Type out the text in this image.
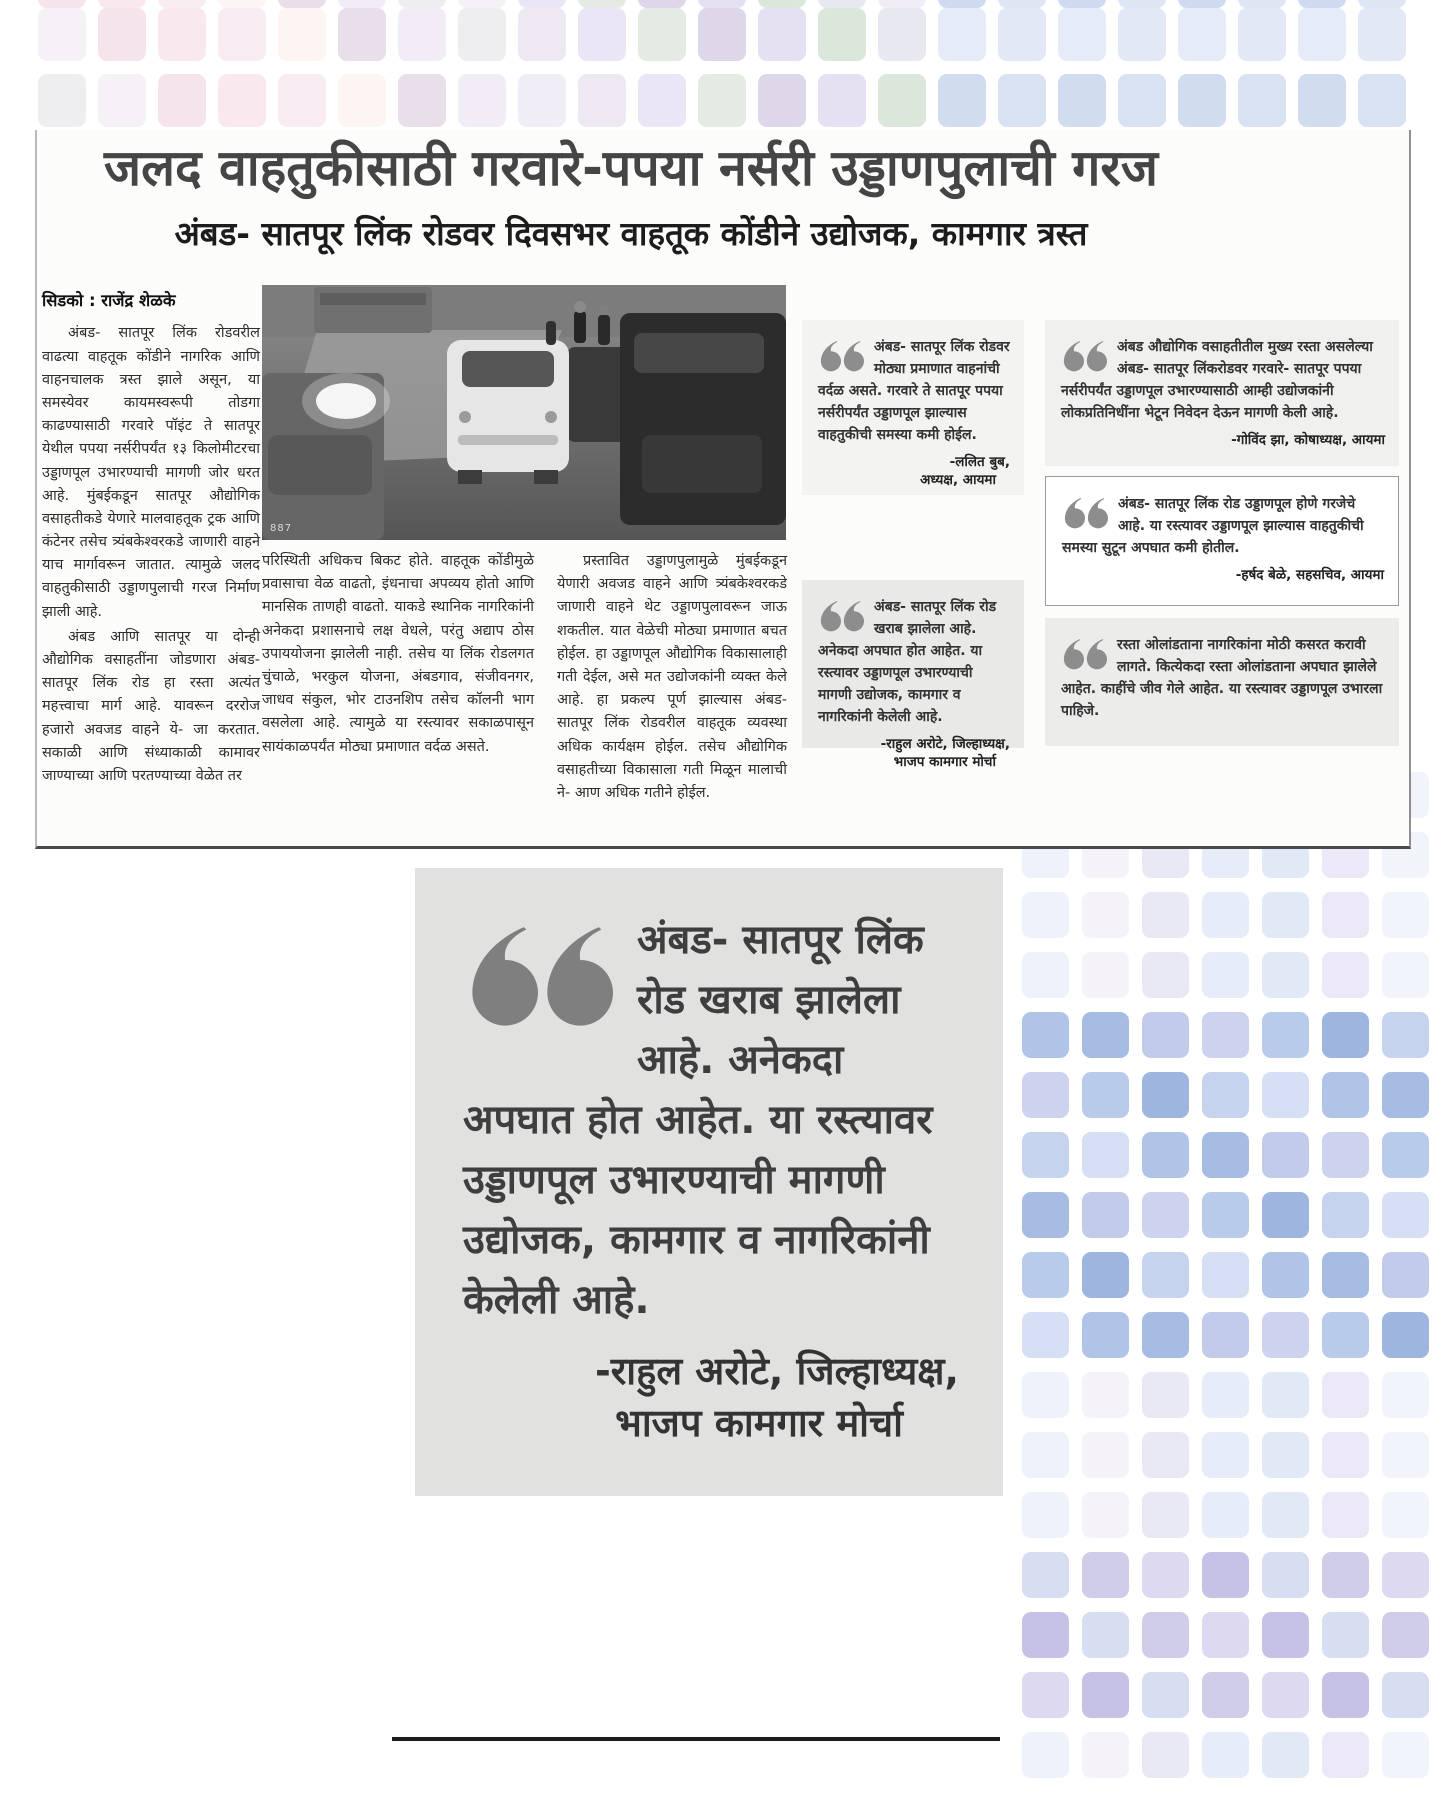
जलद वाहतुकीसाठी गरवारे-पपया नर्सरी उड्डाणपुलाची गरज
अंबड- सातपूर लिंक रोडवर दिवसभर वाहतूक कोंडीने उद्योजक, कामगार त्रस्त
सिडको : राजेंद्र शेळके

अंबड- सातपूर लिंक रोडवरील वाढत्या वाहतूक कोंडीने नागरिक आणि वाहनचालक त्रस्त झाले असून, या समस्येवर कायमस्वरूपी तोडगा काढण्यासाठी गरवारे पॉइंट ते सातपूर येथील पपया नर्सरीपर्यंत १३ किलोमीटरचा उड्डाणपूल उभारण्याची मागणी जोर धरत आहे. मुंबईकडून सातपूर औद्योगिक वसाहतीकडे येणारे मालवाहतूक ट्रक आणि कंटेनर तसेच त्र्यंबकेश्वरकडे जाणारी वाहने याच मार्गावरून जातात. त्यामुळे जलद वाहतुकीसाठी उड्डाणपुलाची गरज निर्माण झाली आहे.

अंबड आणि सातपूर या दोन्ही औद्योगिक वसाहतींना जोडणारा अंबड- सातपूर लिंक रोड हा रस्ता अत्यंत महत्त्वाचा मार्ग आहे. यावरून दररोज हजारो अवजड वाहने ये- जा करतात. सकाळी आणि संध्याकाळी कामावर जाण्याच्या आणि परतण्याच्या वेळेत तर

887

परिस्थिती अधिकच बिकट होते. वाहतूक कोंडीमुळे प्रवासाचा वेळ वाढतो, इंधनाचा अपव्यय होतो आणि मानसिक ताणही वाढतो. याकडे स्थानिक नागरिकांनी अनेकदा प्रशासनाचे लक्ष वेधले, परंतु अद्याप ठोस उपाययोजना झालेली नाही. तसेच या लिंक रोडलगत चुंचाळे, भरकुल योजना, अंबडगाव, संजीवनगर, जाधव संकुल, भोर टाउनशिप तसेच कॉलनी भाग वसलेला आहे. त्यामुळे या रस्त्यावर सकाळपासून सायंकाळपर्यंत मोठ्या प्रमाणात वर्दळ असते.

प्रस्तावित उड्डाणपुलामुळे मुंबईकडून येणारी अवजड वाहने आणि त्र्यंबकेश्वरकडे जाणारी वाहने थेट उड्डाणपुलावरून जाऊ शकतील. यात वेळेची मोठ्या प्रमाणात बचत होईल. हा उड्डाणपूल औद्योगिक विकासालाही गती देईल, असे मत उद्योजकांनी व्यक्त केले आहे. हा प्रकल्प पूर्ण झाल्यास अंबड- सातपूर लिंक रोडवरील वाहतूक व्यवस्था अधिक कार्यक्षम होईल. तसेच औद्योगिक वसाहतीच्या विकासाला गती मिळून मालाची ने- आण अधिक गतीने होईल.

अंबड- सातपूर लिंक रोडवर मोठ्या प्रमाणात वाहनांची वर्दळ असते. गरवारे ते सातपूर पपया नर्सरीपर्यंत उड्डाणपूल झाल्यास वाहतुकीची समस्या कमी होईल.
-ललित बुब,
अध्यक्ष, आयमा
अंबड- सातपूर लिंक रोड खराब झालेला आहे. अनेकदा अपघात होत आहेत. या रस्त्यावर उड्डाणपूल उभारण्याची मागणी उद्योजक, कामगार व नागरिकांनी केलेली आहे.
-राहुल अरोटे, जिल्हाध्यक्ष,
भाजप कामगार मोर्चा
अंबड औद्योगिक वसाहतीतील मुख्य रस्ता असलेल्या अंबड- सातपूर लिंकरोडवर गरवारे- सातपूर पपया नर्सरीपर्यंत उड्डाणपूल उभारण्यासाठी आम्ही उद्योजकांनी लोकप्रतिनिधींना भेटून निवेदन देऊन मागणी केली आहे.
-गोविंद झा, कोषाध्यक्ष, आयमा
अंबड- सातपूर लिंक रोड उड्डाणपूल होणे गरजेचे आहे. या रस्त्यावर उड्डाणपूल झाल्यास वाहतुकीची समस्या सुटून अपघात कमी होतील.
-हर्षद बेळे, सहसचिव, आयमा
रस्ता ओलांडताना नागरिकांना मोठी कसरत करावी लागते. कित्येकदा रस्ता ओलांडताना अपघात झालेले आहेत. काहींचे जीव गेले आहेत. या रस्त्यावर उड्डाणपूल उभारला पाहिजे.
अंबड- सातपूर लिंक रोड खराब झालेला आहे. अनेकदा अपघात होत आहेत. या रस्त्यावर उड्डाणपूल उभारण्याची मागणी उद्योजक, कामगार व नागरिकांनी केलेली आहे.
-राहुल अरोटे, जिल्हाध्यक्ष,
भाजप कामगार मोर्चा
